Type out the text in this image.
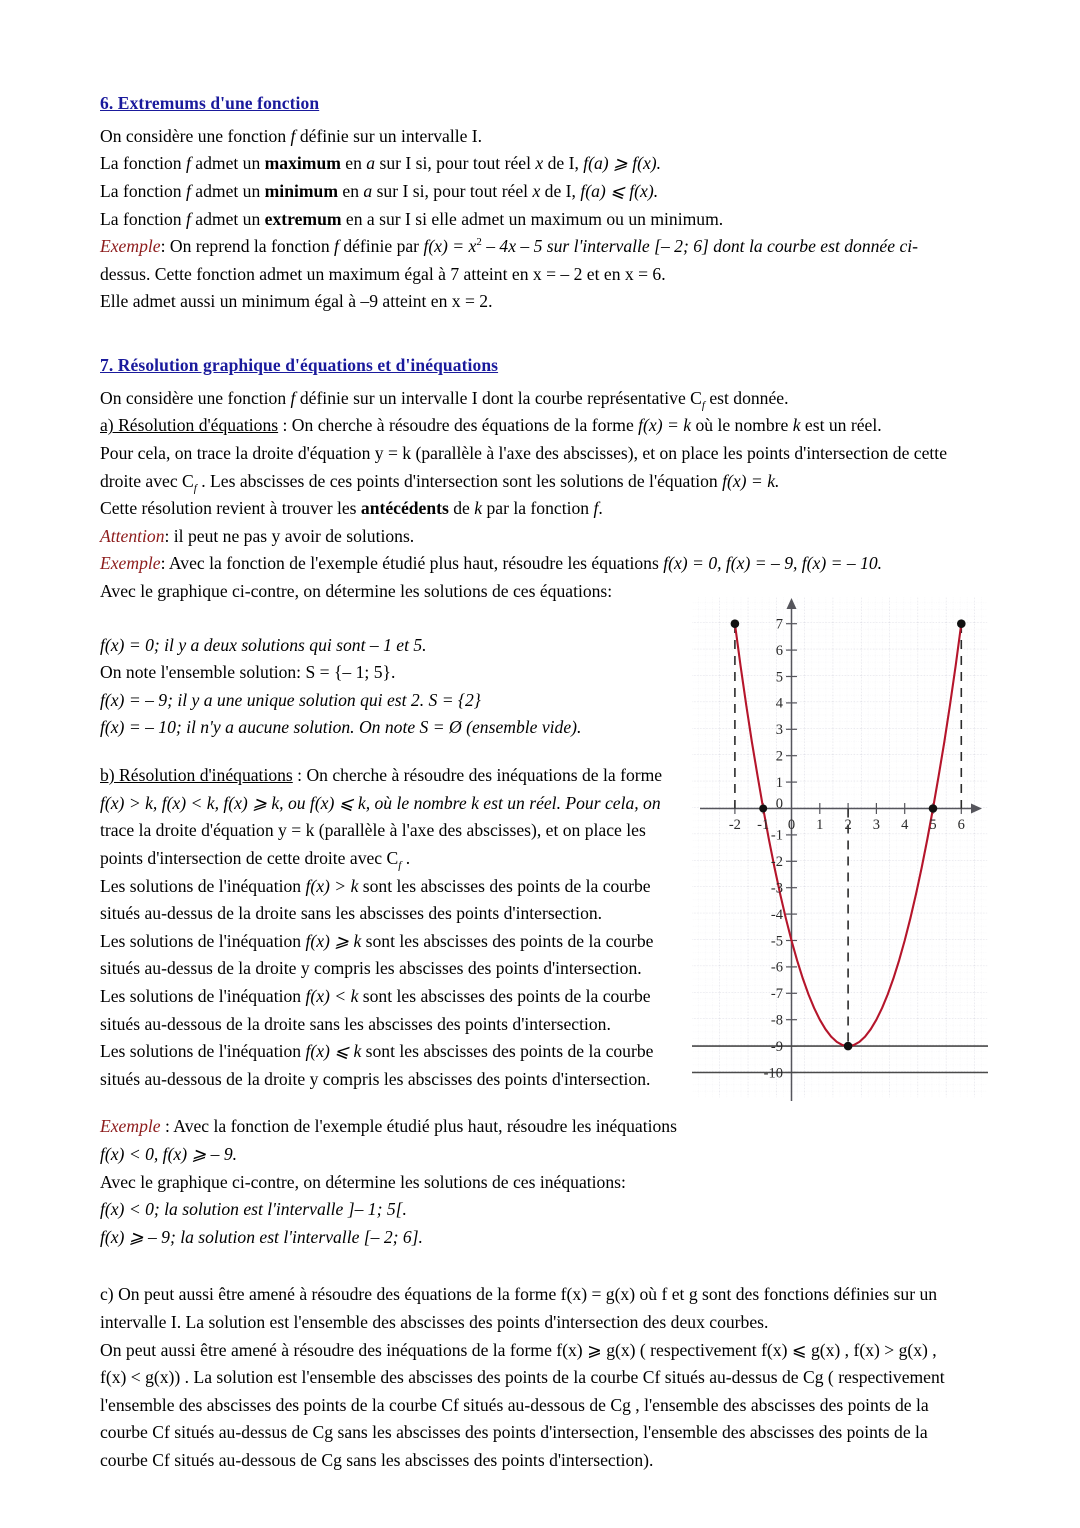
6. Extremums d'une fonction

On considère une fonction f définie sur un intervalle I.

La fonction f admet un maximum en a sur I si, pour tout réel x de I, f(a) ⩾ f(x).

La fonction f admet un minimum en a sur I si, pour tout réel x de I, f(a) ⩽ f(x).

La fonction f admet un extremum en a sur I si elle admet un maximum ou un minimum.

Exemple: On reprend la fonction f définie par $f(x) = x^2 - 4x - 5$ sur l'intervalle [– 2; 6] dont la courbe est donnée ci-

dessus. Cette fonction admet un maximum égal à 7 atteint en x = – 2 et en x = 6.

Elle admet aussi un minimum égal à –9 atteint en x = 2.

7. Résolution graphique d'équations et d'inéquations

On considère une fonction f définie sur un intervalle I dont la courbe représentative $C_f$ est donnée.

a) Résolution d'équations : On cherche à résoudre des équations de la forme f(x) = k où le nombre k est un réel.

Pour cela, on trace la droite d'équation y = k (parallèle à l'axe des abscisses), et on place les points d'intersection de cette

droite avec $C_f$ . Les abscisses de ces points d'intersection sont les solutions de l'équation f(x) = k.

Cette résolution revient à trouver les antécédents de k par la fonction f.

Attention: il peut ne pas y avoir de solutions.

Exemple: Avec la fonction de l'exemple étudié plus haut, résoudre les équations f(x) = 0, f(x) = – 9, f(x) = – 10.

Avec le graphique ci-contre, on détermine les solutions de ces équations:

-2 -1 0 1 2 3 4 5 6
7
6
5
4
3
2
1
0
-1
-2
-3
-4
-5
-6
-7
-8
-9
-10

f(x) = 0; il y a deux solutions qui sont – 1 et 5.

On note l'ensemble solution: S = {– 1; 5}.

f(x) = – 9; il y a une unique solution qui est 2. S = {2}

f(x) = – 10; il n'y a aucune solution. On note S = Ø (ensemble vide).

b) Résolution d'inéquations : On cherche à résoudre des inéquations de la forme

f(x) > k, f(x) < k, f(x) ⩾ k, ou f(x) ⩽ k, où le nombre k est un réel. Pour cela, on

trace la droite d'équation y = k (parallèle à l'axe des abscisses), et on place les

points d'intersection de cette droite avec $C_f$ .

Les solutions de l'inéquation f(x) > k sont les abscisses des points de la courbe

situés au-dessus de la droite sans les abscisses des points d'intersection.

Les solutions de l'inéquation f(x) ⩾ k sont les abscisses des points de la courbe

situés au-dessus de la droite y compris les abscisses des points d'intersection.

Les solutions de l'inéquation f(x) < k sont les abscisses des points de la courbe

situés au-dessous de la droite sans les abscisses des points d'intersection.

Les solutions de l'inéquation f(x) ⩽ k sont les abscisses des points de la courbe

situés au-dessous de la droite y compris les abscisses des points d'intersection.

Exemple : Avec la fonction de l'exemple étudié plus haut, résoudre les inéquations

f(x) < 0, f(x) ⩾ – 9.

Avec le graphique ci-contre, on détermine les solutions de ces inéquations:

f(x) < 0; la solution est l'intervalle ]– 1; 5[.

f(x) ⩾ – 9; la solution est l'intervalle [– 2; 6].

c) On peut aussi être amené à résoudre des équations de la forme f(x) = g(x) où f et g sont des fonctions définies sur un

intervalle I. La solution est l'ensemble des abscisses des points d'intersection des deux courbes.

On peut aussi être amené à résoudre des inéquations de la forme f(x) ⩾ g(x) ( respectivement f(x) ⩽ g(x) , f(x) > g(x) ,

f(x) < g(x)) . La solution est l'ensemble des abscisses des points de la courbe Cf situés au-dessus de Cg ( respectivement

l'ensemble des abscisses des points de la courbe Cf situés au-dessous de Cg , l'ensemble des abscisses des points de la

courbe Cf situés au-dessus de Cg sans les abscisses des points d'intersection, l'ensemble des abscisses des points de la

courbe Cf situés au-dessous de Cg sans les abscisses des points d'intersection).
